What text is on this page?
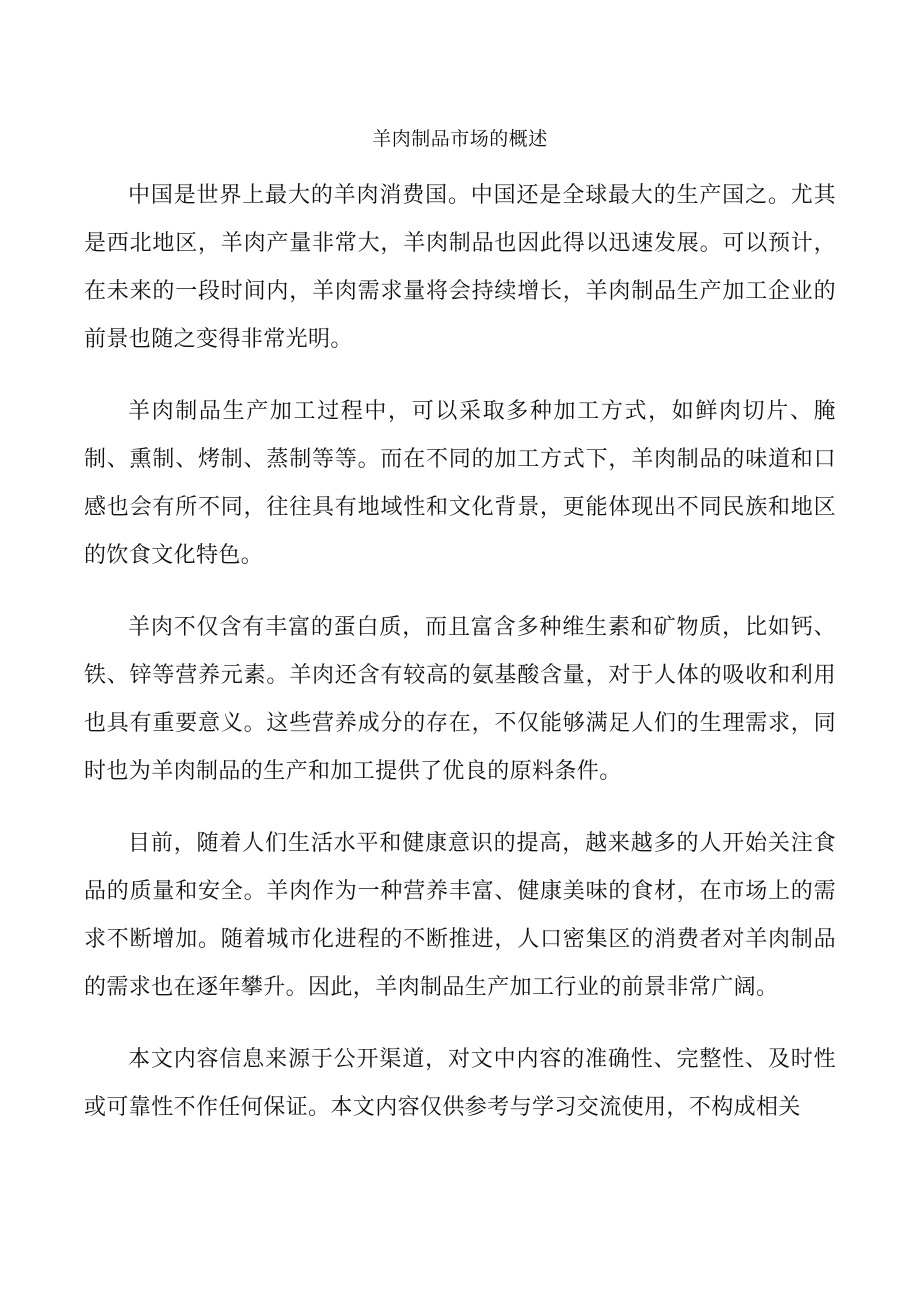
羊肉制品市场的概述

中国是世界上最大的羊肉消费国。中国还是全球最大的生产国之。尤其是西北地区，羊肉产量非常大，羊肉制品也因此得以迅速发展。可以预计，在未来的一段时间内，羊肉需求量将会持续增长，羊肉制品生产加工企业的前景也随之变得非常光明。

羊肉制品生产加工过程中，可以采取多种加工方式，如鲜肉切片、腌制、熏制、烤制、蒸制等等。而在不同的加工方式下，羊肉制品的味道和口感也会有所不同，往往具有地域性和文化背景，更能体现出不同民族和地区的饮食文化特色。

羊肉不仅含有丰富的蛋白质，而且富含多种维生素和矿物质，比如钙、铁、锌等营养元素。羊肉还含有较高的氨基酸含量，对于人体的吸收和利用也具有重要意义。这些营养成分的存在，不仅能够满足人们的生理需求，同时也为羊肉制品的生产和加工提供了优良的原料条件。

目前，随着人们生活水平和健康意识的提高，越来越多的人开始关注食品的质量和安全。羊肉作为一种营养丰富、健康美味的食材，在市场上的需求不断增加。随着城市化进程的不断推进，人口密集区的消费者对羊肉制品的需求也在逐年攀升。因此，羊肉制品生产加工行业的前景非常广阔。

本文内容信息来源于公开渠道，对文中内容的准确性、完整性、及时性或可靠性不作任何保证。本文内容仅供参考与学习交流使用，不构成相关
